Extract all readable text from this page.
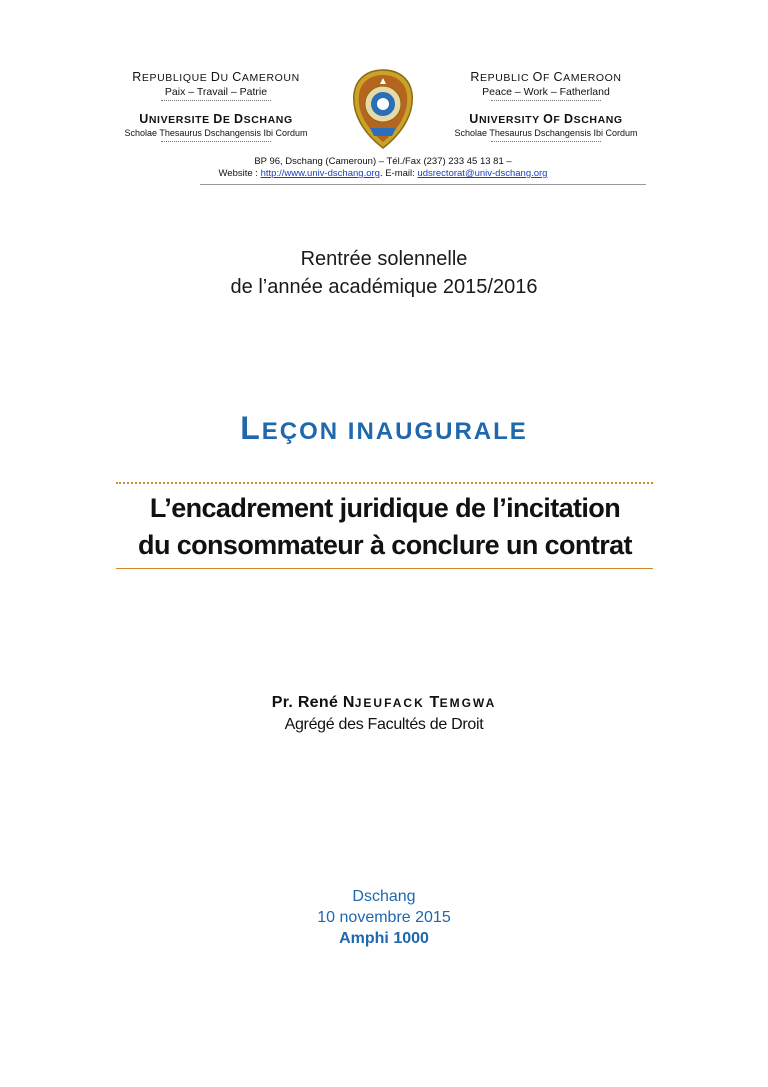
REPUBLIQUE DU CAMEROUN
Paix – Travail – Patrie
UNIVERSITE DE DSCHANG
Scholae Thesaurus Dschangensis Ibi Cordum
REPUBLIC OF CAMEROON
Peace – Work – Fatherland
UNIVERSITY OF DSCHANG
Scholae Thesaurus Dschangensis Ibi Cordum
BP 96, Dschang (Cameroun) – Tél./Fax (237) 233 45 13 81 –
Website : http://www.univ-dschang.org. E-mail: udsrectorat@univ-dschang.org
Rentrée solennelle
de l’année académique 2015/2016
LEÇON INAUGURALE
L’encadrement juridique de l’incitation
du consommateur à conclure un contrat
Pr. René NJEUFACK TEMGWA
Agrégé des Facultés de Droit
Dschang
10 novembre 2015
Amphi 1000
